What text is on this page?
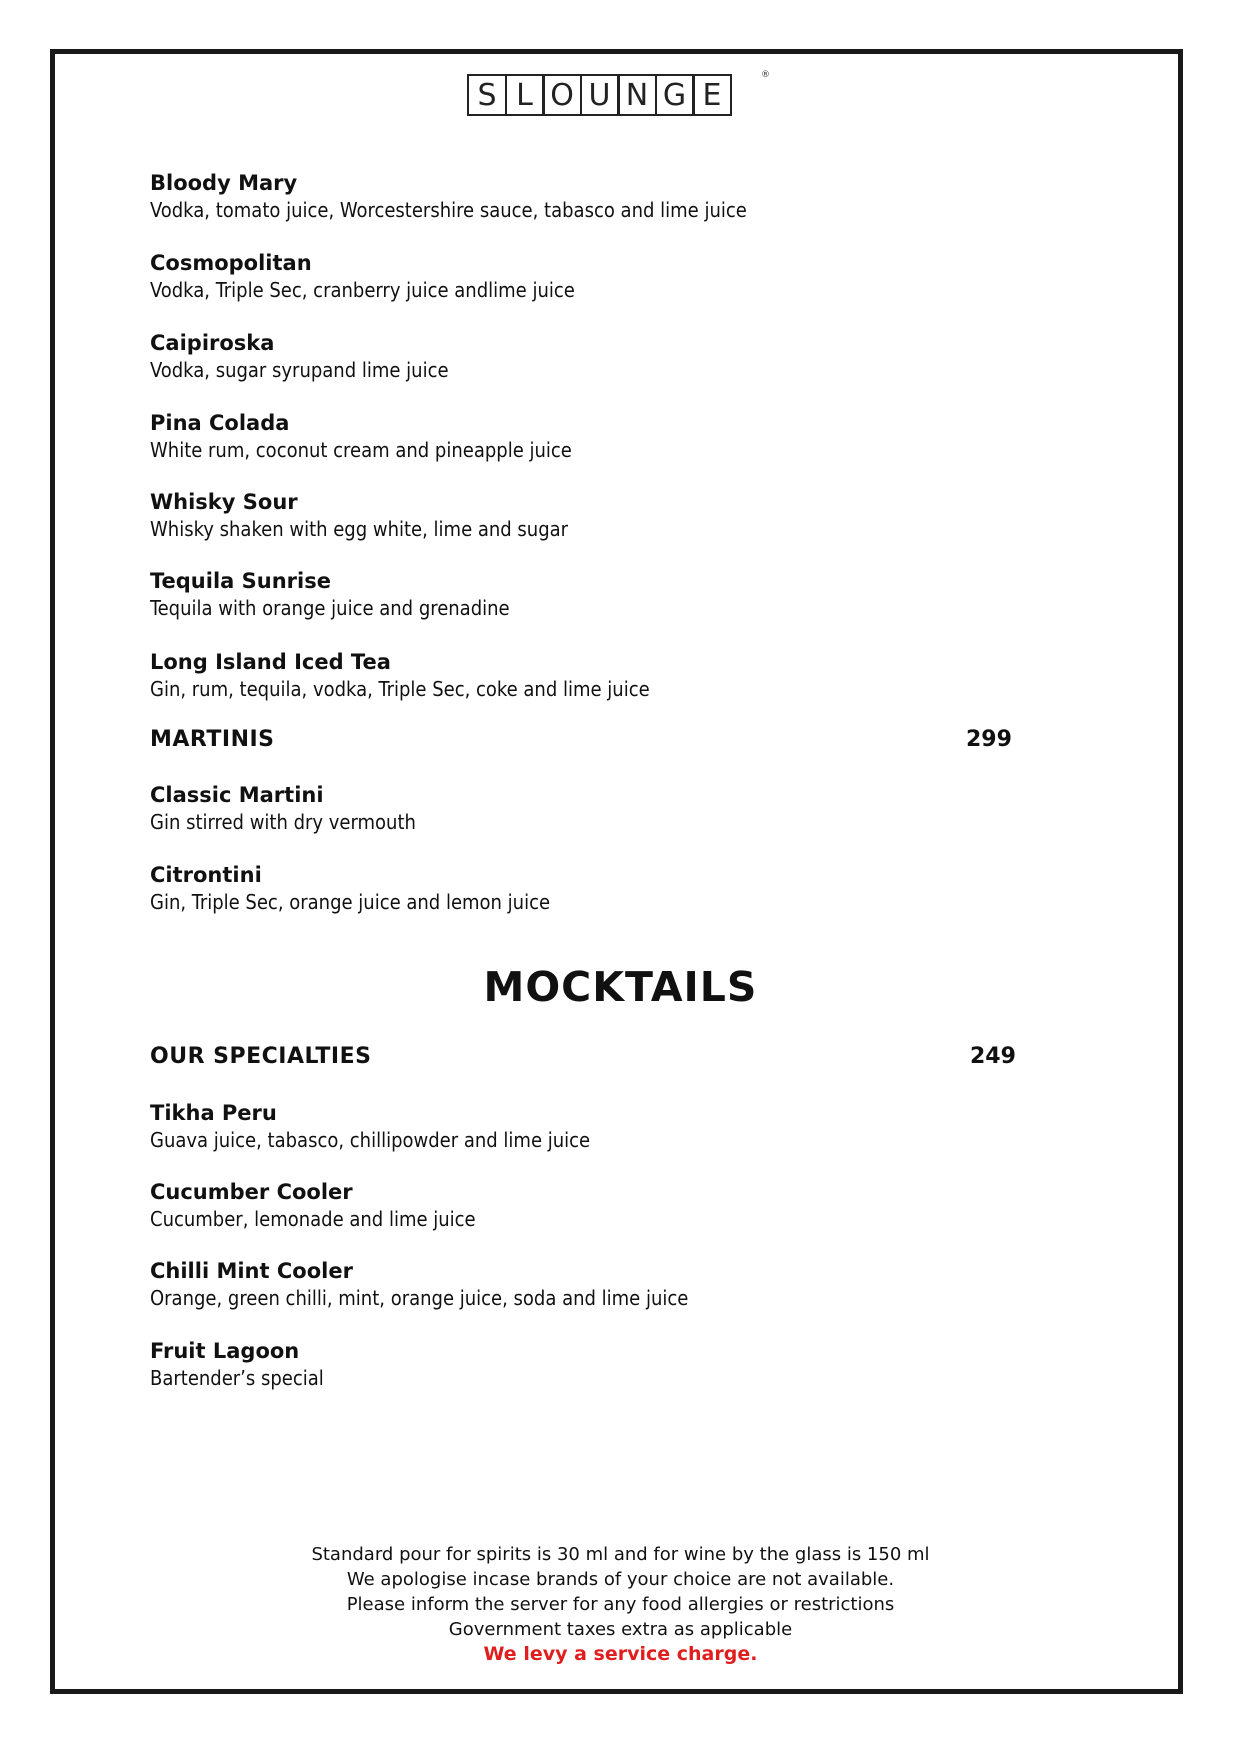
S L O U N G E
®
Bloody Mary
Vodka, tomato juice, Worcestershire sauce, tabasco and lime juice
Cosmopolitan
Vodka, Triple Sec, cranberry juice andlime juice
Caipiroska
Vodka, sugar syrupand lime juice
Pina Colada
White rum, coconut cream and pineapple juice
Whisky Sour
Whisky shaken with egg white, lime and sugar
Tequila Sunrise
Tequila with orange juice and grenadine
Long Island Iced Tea
Gin, rum, tequila, vodka, Triple Sec, coke and lime juice
MARTINIS	299
Classic Martini
Gin stirred with dry vermouth
Citrontini
Gin, Triple Sec, orange juice and lemon juice
MOCKTAILS
OUR SPECIALTIES	249
Tikha Peru
Guava juice, tabasco, chillipowder and lime juice
Cucumber Cooler
Cucumber, lemonade and lime juice
Chilli Mint Cooler
Orange, green chilli, mint, orange juice, soda and lime juice
Fruit Lagoon
Bartender’s special
Standard pour for spirits is 30 ml and for wine by the glass is 150 ml
We apologise incase brands of your choice are not available.
Please inform the server for any food allergies or restrictions
Government taxes extra as applicable
We levy a service charge.
